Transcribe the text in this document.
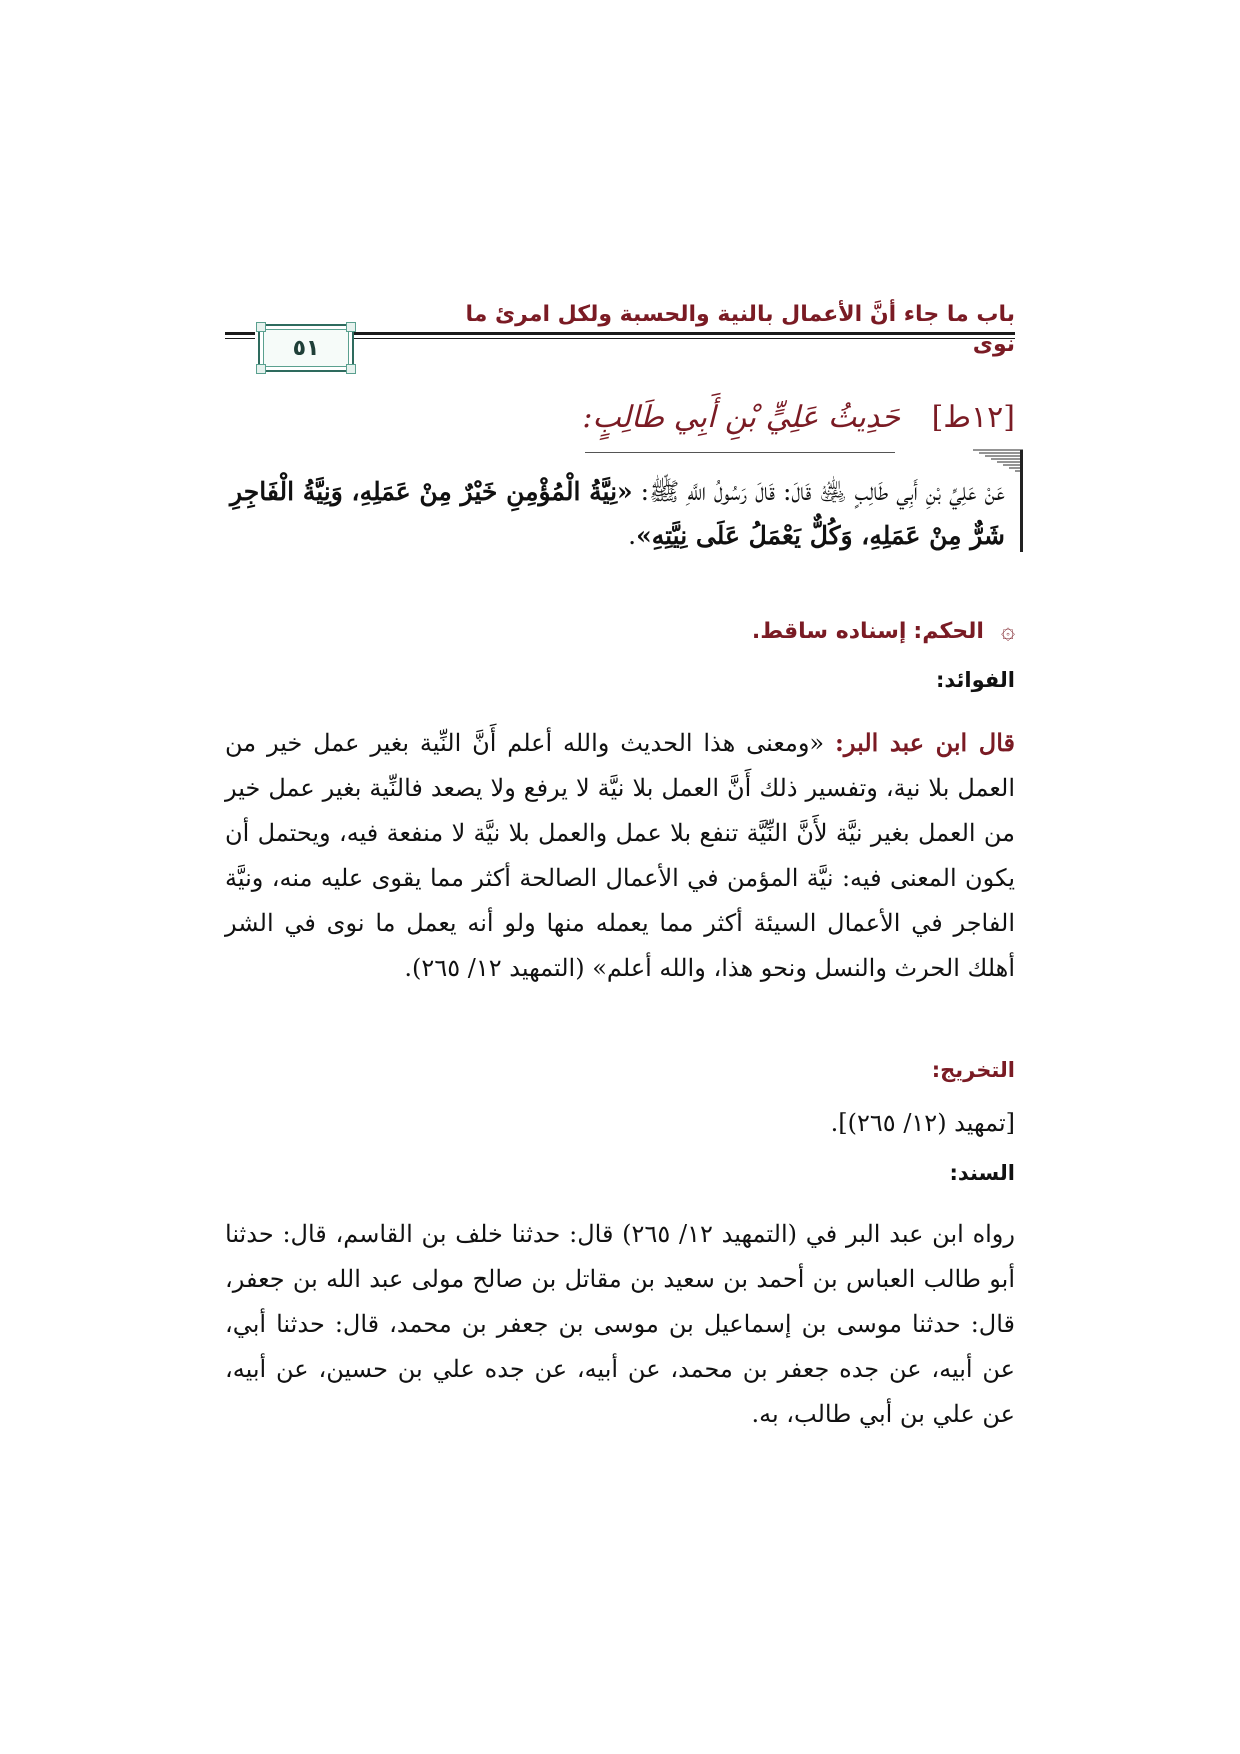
باب ما جاء أنَّ الأعمال بالنية والحسبة ولكل امرئ ما نوى
٥١
[١٢ط] حَدِيثُ عَلِيٍّ بْنِ أَبِي طَالِبٍ:
عَنْ عَلِيِّ بْنِ أَبِي طَالِبٍ ﵁ قَالَ: قَالَ رَسُولُ اللَّهِ ﷺ: «نِيَّةُ الْمُؤْمِنِ خَيْرٌ مِنْ عَمَلِهِ، وَنِيَّةُ الْفَاجِرِ شَرٌّ مِنْ عَمَلِهِ، وَكُلٌّ يَعْمَلُ عَلَى نِيَّتِهِ».
۞ الحكم: إسناده ساقط.
الفوائد:
قال ابن عبد البر: «ومعنى هذا الحديث والله أعلم أَنَّ النِّية بغير عمل خير من العمل بلا نية، وتفسير ذلك أَنَّ العمل بلا نيَّة لا يرفع ولا يصعد فالنِّية بغير عمل خير من العمل بغير نيَّة لأَنَّ النِّيَّة تنفع بلا عمل والعمل بلا نيَّة لا منفعة فيه، ويحتمل أن يكون المعنى فيه: نيَّة المؤمن في الأعمال الصالحة أكثر مما يقوى عليه منه، ونيَّة الفاجر في الأعمال السيئة أكثر مما يعمله منها ولو أنه يعمل ما نوى في الشر أهلك الحرث والنسل ونحو هذا، والله أعلم» (التمهيد ١٢/ ٢٦٥).
التخريج:
[تمهيد (١٢/ ٢٦٥)].
السند:
رواه ابن عبد البر في (التمهيد ١٢/ ٢٦٥) قال: حدثنا خلف بن القاسم، قال: حدثنا أبو طالب العباس بن أحمد بن سعيد بن مقاتل بن صالح مولى عبد الله بن جعفر، قال: حدثنا موسى بن إسماعيل بن موسى بن جعفر بن محمد، قال: حدثنا أبي، عن أبيه، عن جده جعفر بن محمد، عن أبيه، عن جده علي بن حسين، عن أبيه، عن علي بن أبي طالب، به.
